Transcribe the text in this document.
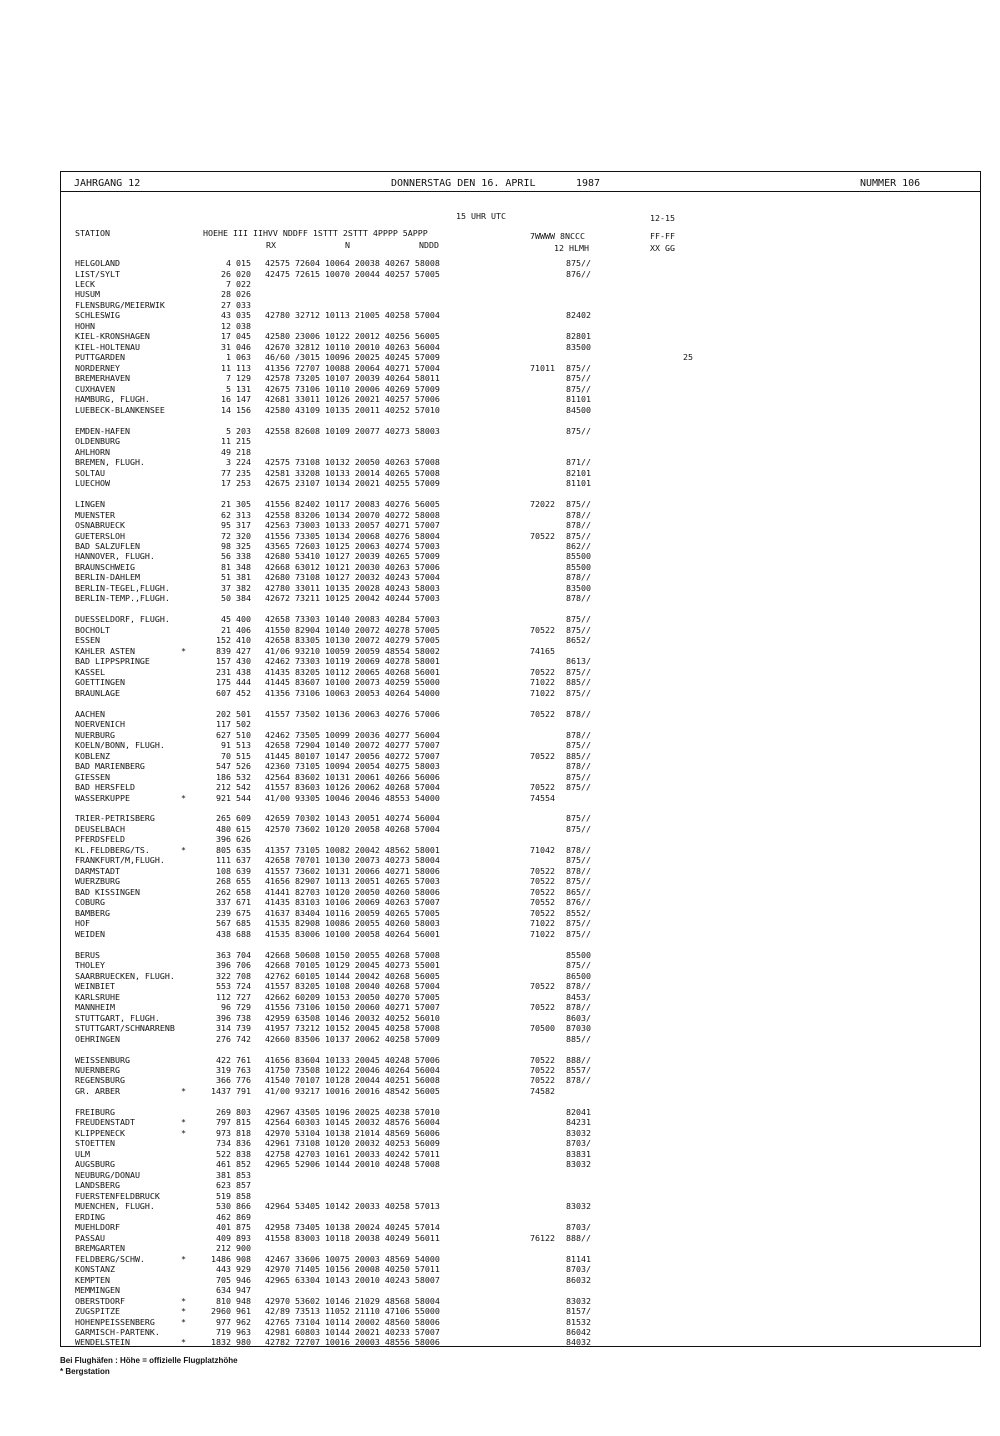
JAHRGANG 12	DONNERSTAG DEN 16. APRIL	1987	NUMMER 106
15 UHR UTC	12-15
STATION	HOEHE III IIHVV NDDFF 1STTT 2STTT 4PPPP 5APPP
RX N NDDD
7WWWW 8NCCC
12 HLMH
FF-FF
XX GG
HELGOLAND	4 015 42575 72604 10064 20038 40267 58008	875//
LIST/SYLT	26 020 42475 72615 10070 20044 40257 57005	876//
LECK	7 022
HUSUM	28 026
FLENSBURG/MEIERWIK	27 033
SCHLESWIG	43 035 42780 32712 10113 21005 40258 57004	82402
HOHN	12 038
KIEL-KRONSHAGEN	17 045 42580 23006 10122 20012 40256 56005	82801
KIEL-HOLTENAU	31 046 42670 32812 10110 20010 40263 56004	83500
PUTTGARDEN	1 063 46/60 /3015 10096 20025 40245 57009	25
NORDERNEY	11 113 41356 72707 10088 20064 40271 57004	71011 875//
BREMERHAVEN	7 129 42578 73205 10107 20039 40264 58011	875//
CUXHAVEN	5 131 42675 73106 10110 20006 40269 57009	875//
HAMBURG, FLUGH.	16 147 42681 33011 10126 20021 40257 57006	81101
LUEBECK-BLANKENSEE	14 156 42580 43109 10135 20011 40252 57010	84500
EMDEN-HAFEN	5 203 42558 82608 10109 20077 40273 58003	875//
OLDENBURG	11 215
AHLHORN	49 218
BREMEN, FLUGH.	3 224 42575 73108 10132 20050 40263 57008	871//
SOLTAU	77 235 42581 33208 10133 20014 40265 57008	82101
LUECHOW	17 253 42675 23107 10134 20021 40255 57009	81101
LINGEN	21 305 41556 82402 10117 20083 40276 56005	72022 875//
MUENSTER	62 313 42558 83206 10134 20070 40272 58008	878//
OSNABRUECK	95 317 42563 73003 10133 20057 40271 57007	878//
GUETERSLOH	72 320 41556 73305 10134 20068 40276 58004	70522 875//
BAD SALZUFLEN	98 325 43565 72603 10125 20063 40274 57003	862//
HANNOVER, FLUGH.	56 338 42680 53410 10127 20039 40265 57009	85500
BRAUNSCHWEIG	81 348 42668 63012 10121 20030 40263 57006	85500
BERLIN-DAHLEM	51 381 42680 73108 10127 20032 40243 57004	878//
BERLIN-TEGEL,FLUGH.	37 382 42780 33011 10135 20028 40243 58003	83500
BERLIN-TEMP.,FLUGH.	50 384 42672 73211 10125 20042 40244 57003	878//
DUESSELDORF, FLUGH.	45 400 42658 73303 10140 20083 40284 57003	875//
BOCHOLT	21 406 41550 82904 10140 20072 40278 57005	70522 875//
ESSEN	152 410 42658 83305 10130 20072 40279 57005	8652/
KAHLER ASTEN	*	839 427 41/06 93210 10059 20059 48554 58002	74165
BAD LIPPSPRINGE	157 430 42462 73303 10119 20069 40278 58001	8613/
KASSEL	231 438 41435 83205 10112 20065 40268 56001	70522 875//
GOETTINGEN	175 444 41445 83607 10100 20073 40259 55000	71022 885//
BRAUNLAGE	607 452 41356 73106 10063 20053 40264 54000	71022 875//
AACHEN	202 501 41557 73502 10136 20063 40276 57006	70522 878//
NOERVENICH	117 502
NUERBURG	627 510 42462 73505 10099 20036 40277 56004	878//
KOELN/BONN, FLUGH.	91 513 42658 72904 10140 20072 40277 57007	875//
KOBLENZ	70 515 41445 80107 10147 20056 40272 57007	70522 885//
BAD MARIENBERG	547 526 42360 73105 10094 20054 40275 58003	878//
GIESSEN	186 532 42564 83602 10131 20061 40266 56006	875//
BAD HERSFELD	212 542 41557 83603 10126 20062 40268 57004	70522 875//
WASSERKUPPE	*	921 544 41/00 93305 10046 20046 48553 54000	74554
TRIER-PETRISBERG	265 609 42659 70302 10143 20051 40274 56004	875//
DEUSELBACH	480 615 42570 73602 10120 20058 40268 57004	875//
PFERDSFELD	396 626
KL.FELDBERG/TS.	*	805 635 41357 73105 10082 20042 48562 58001	71042 878//
FRANKFURT/M,FLUGH.	111 637 42658 70701 10130 20073 40273 58004	875//
DARMSTADT	108 639 41557 73602 10131 20066 40271 58006	70522 878//
WUERZBURG	268 655 41656 82907 10113 20051 40265 57003	70522 875//
BAD KISSINGEN	262 658 41441 82703 10120 20050 40260 58006	70522 865//
COBURG	337 671 41435 83103 10106 20069 40263 57007	70552 876//
BAMBERG	239 675 41637 83404 10116 20059 40265 57005	70522 8552/
HOF	567 685 41535 82908 10086 20055 40260 58003	71022 875//
WEIDEN	438 688 41535 83006 10100 20058 40264 56001	71022 875//
BERUS	363 704 42668 50608 10150 20055 40268 57008	85500
THOLEY	396 706 42668 70105 10129 20045 40273 55001	875//
SAARBRUECKEN, FLUGH.	322 708 42762 60105 10144 20042 40268 56005	86500
WEINBIET	553 724 41557 83205 10108 20040 40268 57004	70522 878//
KARLSRUHE	112 727 42662 60209 10153 20050 40270 57005	8453/
MANNHEIM	96 729 41556 73106 10150 20060 40271 57007	70522 878//
STUTTGART, FLUGH.	396 738 42959 63508 10146 20032 40252 56010	8603/
STUTTGART/SCHNARRENB	314 739 41957 73212 10152 20045 40258 57008	70500 87030
OEHRINGEN	276 742 42660 83506 10137 20062 40258 57009	885//
WEISSENBURG	422 761 41656 83604 10133 20045 40248 57006	70522 888//
NUERNBERG	319 763 41750 73508 10122 20046 40264 56004	70522 8557/
REGENSBURG	366 776 41540 70107 10128 20044 40251 56008	70522 878//
GR. ARBER	*	1437 791 41/00 93217 10016 20016 48542 56005	74582
FREIBURG	269 803 42967 43505 10196 20025 40238 57010	82041
FREUDENSTADT	*	797 815 42564 60303 10145 20032 48576 56004	84231
KLIPPENECK	*	973 818 42970 53104 10138 21014 48569 56006	83032
STOETTEN	734 836 42961 73108 10120 20032 40253 56009	8703/
ULM	522 838 42758 42703 10161 20033 40242 57011	83831
AUGSBURG	461 852 42965 52906 10144 20010 40248 57008	83032
NEUBURG/DONAU	381 853
LANDSBERG	623 857
FUERSTENFELDBRUCK	519 858
MUENCHEN, FLUGH.	530 866 42964 53405 10142 20033 40258 57013	83032
ERDING	462 869
MUEHLDORF	401 875 42958 73405 10138 20024 40245 57014	8703/
PASSAU	409 893 41558 83003 10118 20038 40249 56011	76122 888//
BREMGARTEN	212 900
FELDBERG/SCHW.	*	1486 908 42467 33606 10075 20003 48569 54000	81141
KONSTANZ	443 929 42970 71405 10156 20008 40250 57011	8703/
KEMPTEN	705 946 42965 63304 10143 20010 40243 58007	86032
MEMMINGEN	634 947
OBERSTDORF	*	810 948 42970 53602 10146 21029 48568 58004	83032
ZUGSPITZE	*	2960 961 42/89 73513 11052 21110 47106 55000	8157/
HOHENPEISSENBERG	*	977 962 42765 73104 10114 20002 48560 58006	81532
GARMISCH-PARTENK.	719 963 42981 60803 10144 20021 40233 57007	86042
WENDELSTEIN	*	1832 980 42782 72707 10016 20003 48556 58006	84032
Bei Flughäfen : Höhe = offizielle Flugplatzhöhe
* Bergstation
